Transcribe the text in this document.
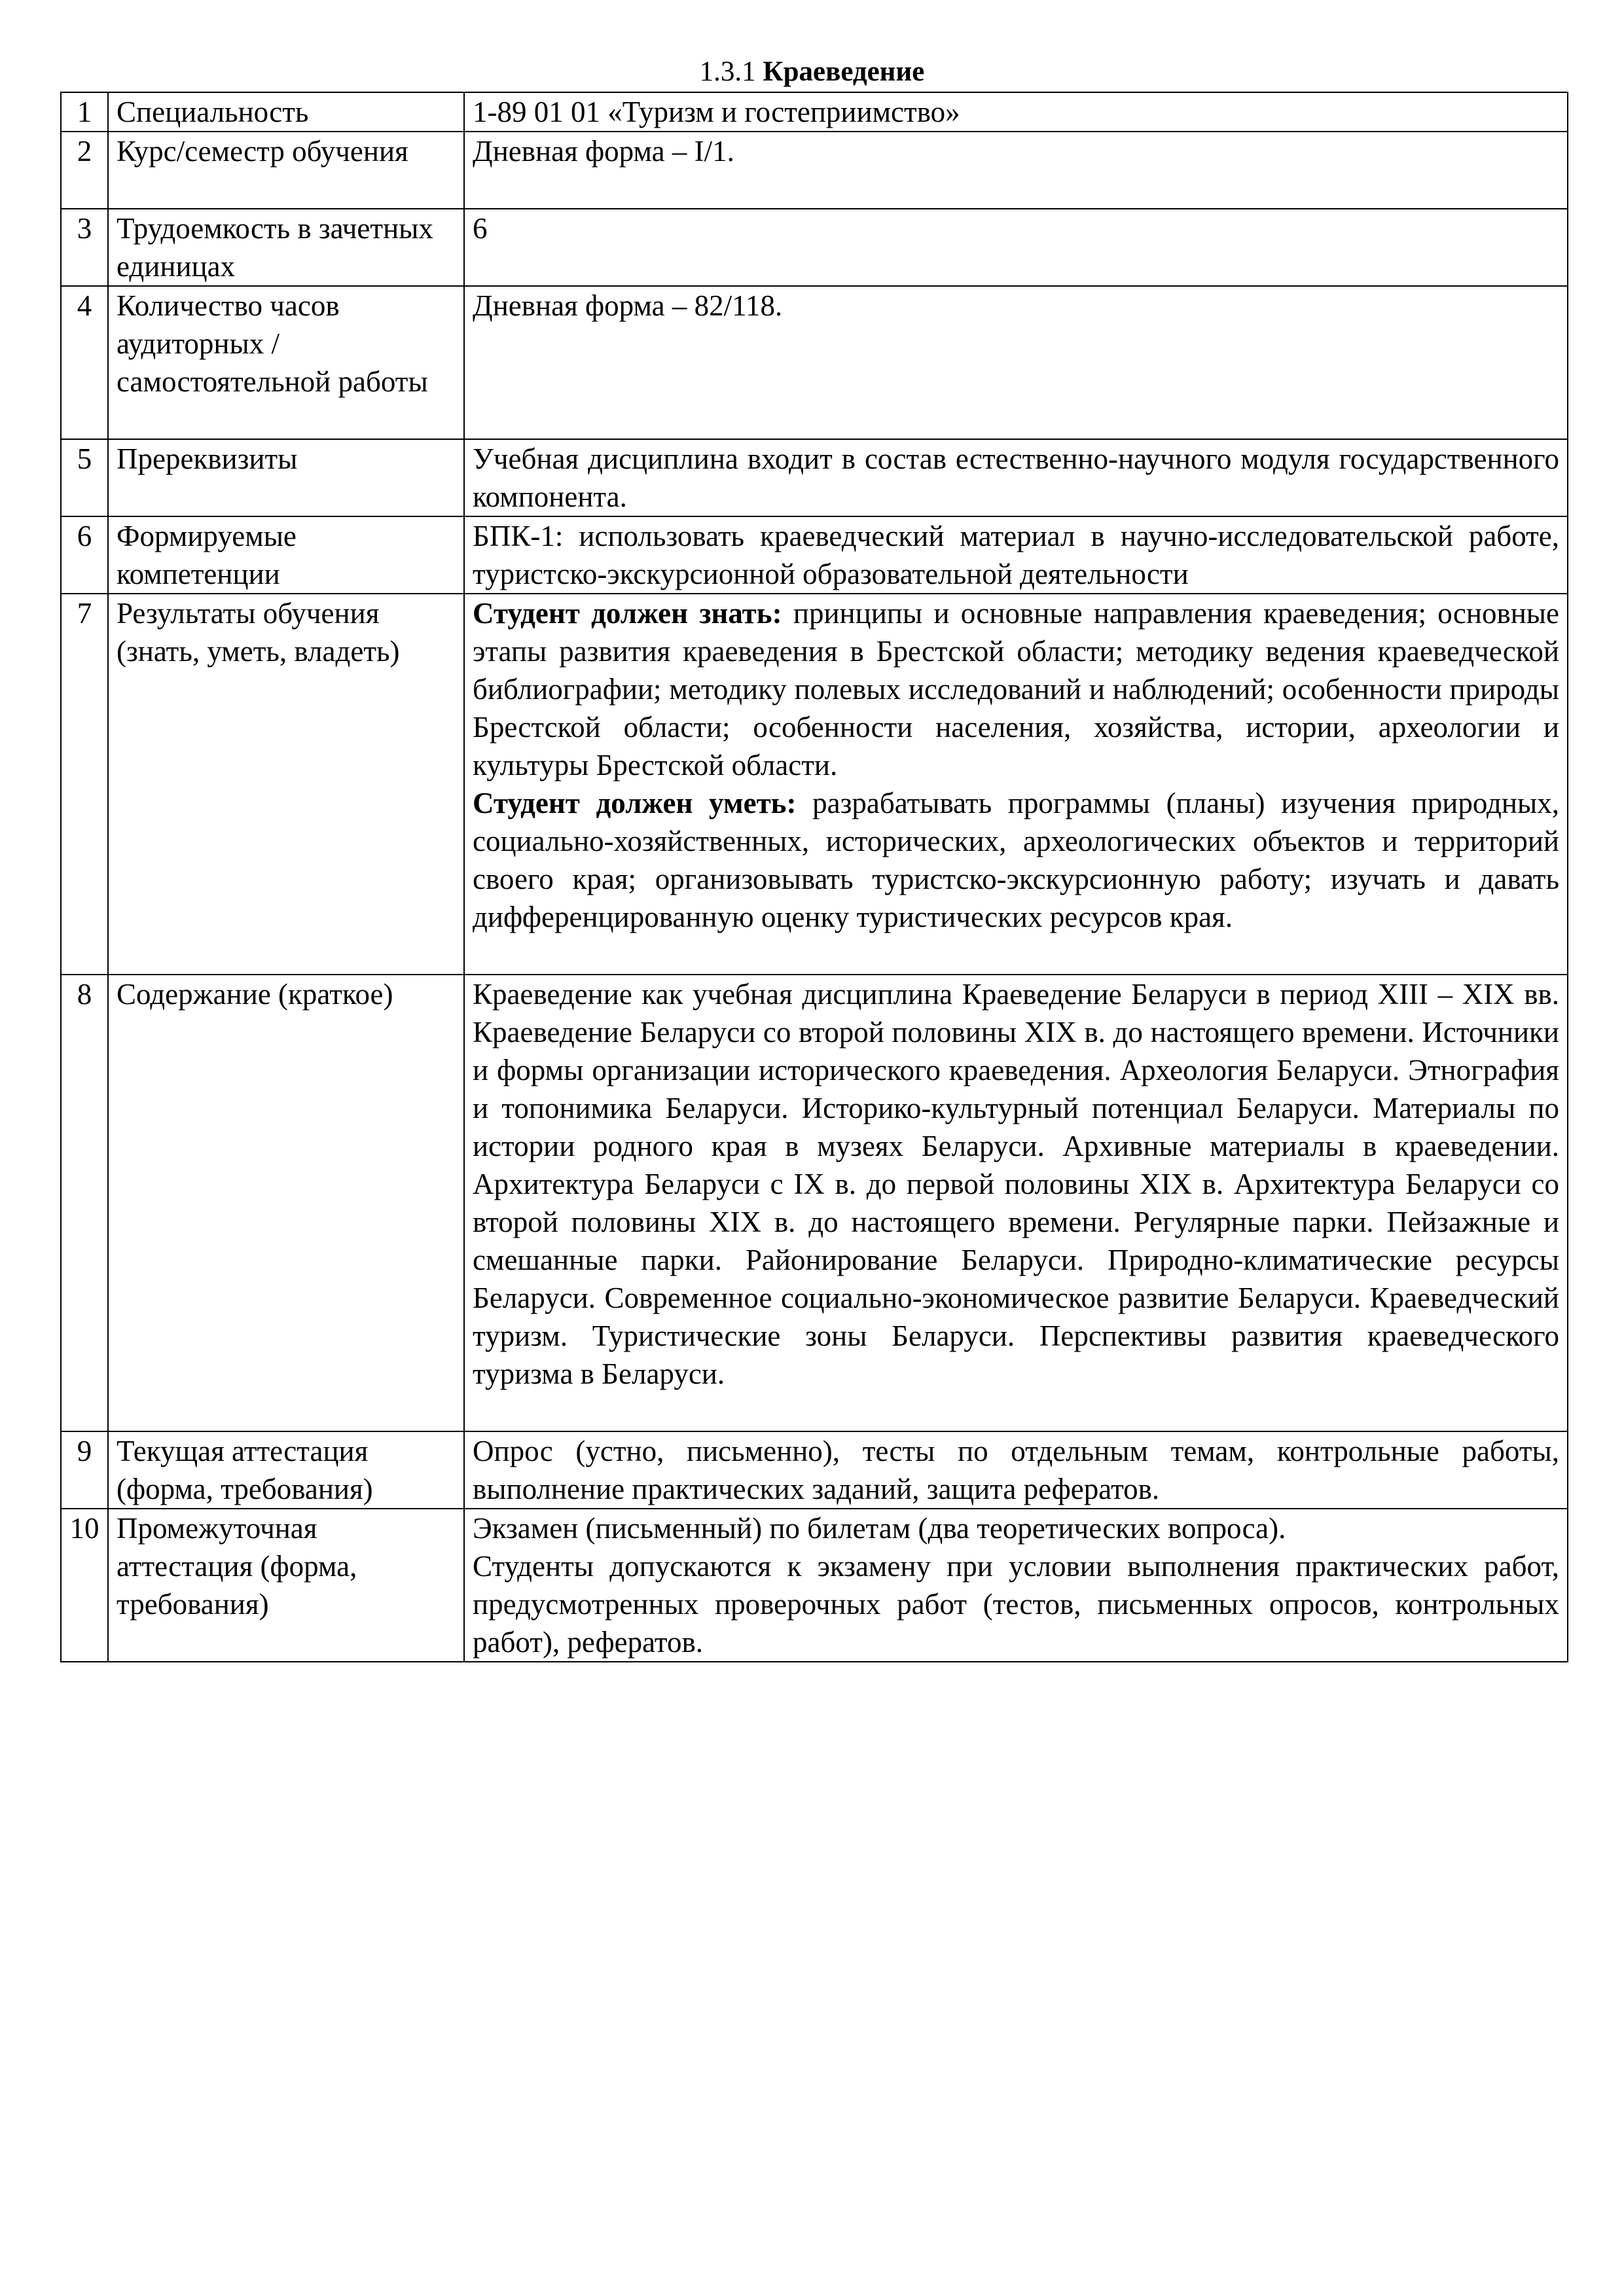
1.3.1 Краеведение
1	Специальность	1-89 01 01 «Туризм и гостеприимство»
2	Курс/семестр обучения	Дневная форма – I/1.
3	Трудоемкость в зачетных единицах	6
4	Количество часов аудиторных / самостоятельной работы	Дневная форма – 82/118.
5	Пререквизиты	Учебная дисциплина входит в состав естественно-научного модуля государственного компонента.
6	Формируемые компетенции	БПК-1: использовать краеведческий материал в научно-исследовательской работе, туристско-экскурсионной образовательной деятельности
7	Результаты обучения (знать, уметь, владеть)	Студент должен знать: принципы и основные направления краеведения; основные этапы развития краеведения в Брестской области; методику ведения краеведческой библиографии; методику полевых исследований и наблюдений; особенности природы Брестской области; особенности населения, хозяйства, истории, археологии и культуры Брестской области.

Студент должен уметь: разрабатывать программы (планы) изучения природных, социально-хозяйственных, исторических, археологических объектов и территорий своего края; организовывать туристско-экскурсионную работу; изучать и давать дифференцированную оценку туристических ресурсов края.

8	Содержание (краткое)	Краеведение как учебная дисциплина Краеведение Беларуси в период XIII – XIX вв. Краеведение Беларуси со второй половины XIX в. до настоящего времени. Источники и формы организации исторического краеведения. Археология Беларуси. Этнография и топонимика Беларуси. Историко-культурный потенциал Беларуси. Материалы по истории родного края в музеях Беларуси. Архивные материалы в краеведении. Архитектура Беларуси с IX в. до первой половины XIX в. Архитектура Беларуси со второй половины XIX в. до настоящего времени. Регулярные парки. Пейзажные и смешанные парки. Районирование Беларуси. Природно-климатические ресурсы Беларуси. Современное социально-экономическое развитие Беларуси. Краеведческий туризм. Туристические зоны Беларуси. Перспективы развития краеведческого туризма в Беларуси.
9	Текущая аттестация (форма, требования)	Опрос (устно, письменно), тесты по отдельным темам, контрольные работы, выполнение практических заданий, защита рефератов.
10	Промежуточная аттестация (форма, требования)	Экзамен (письменный) по билетам (два теоретических вопроса).

Студенты допускаются к экзамену при условии выполнения практических работ, предусмотренных проверочных работ (тестов, письменных опросов, контрольных работ), рефератов.
